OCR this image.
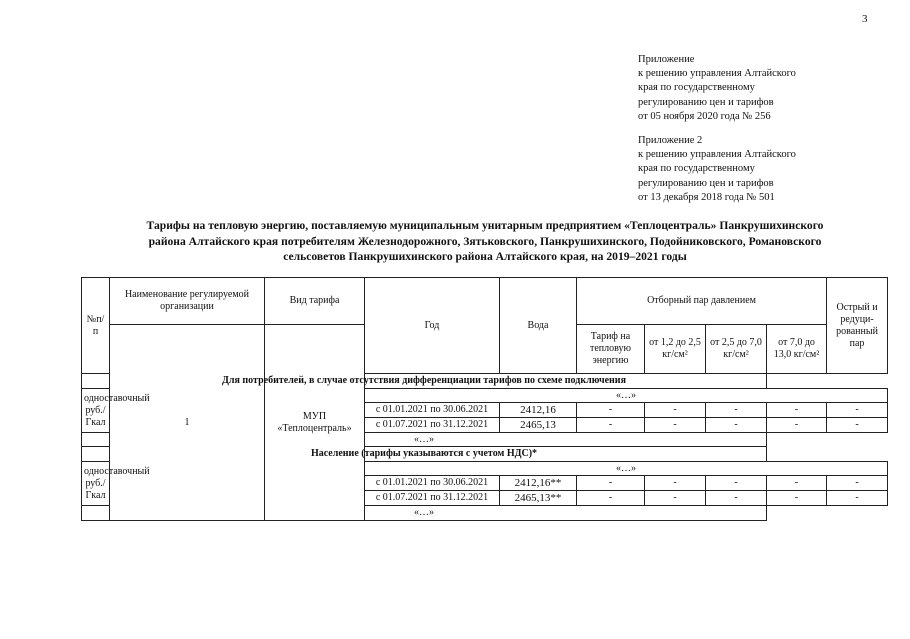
3
Приложение
к решению управления Алтайского
края по государственному
регулированию цен и тарифов
от 05 ноября 2020 года № 256
Приложение 2
к решению управления Алтайского
края по государственному
регулированию цен и тарифов
от 13 декабря 2018 года № 501
Тарифы на тепловую энергию, поставляемую муниципальным унитарным предприятием «Теплоцентраль» Панкрушихинского
района Алтайского края потребителям Железнодорожного, Зятьковского, Панкрушихинского, Подойниковского, Романовского
сельсоветов Панкрушихинского района Алтайского края, на 2019–2021 годы
№п/п	Наименование регулируемой организации	Вид тарифа	Год	Вода	Отборный пар давлением				Острый и редуци-рованный пар	
	1	МУП «Теплоцентраль»			Тариф на тепловую энергию	от 1,2 до 2,5 кг/см²	от 2,5 до 7,0 кг/см²	от 7,0 до 13,0 кг/см²	
Для потребителей, в случае отсутствия дифференциации тарифов по схеме подключения										
одноставочный руб./Гкал			«…»							
			с 01.01.2021 по 30.06.2021	2412,16	-	-	-	-	-	
			с 01.07.2021 по 31.12.2021	2465,13	-	-	-	-	-	
«…»										
Население (тарифы указываются с учетом НДС)*										
одноставочный руб./Гкал			«…»							
			с 01.01.2021 по 30.06.2021	2412,16**	-	-	-	-	-	
			с 01.07.2021 по 31.12.2021	2465,13**	-	-	-	-	-	
«…»										
